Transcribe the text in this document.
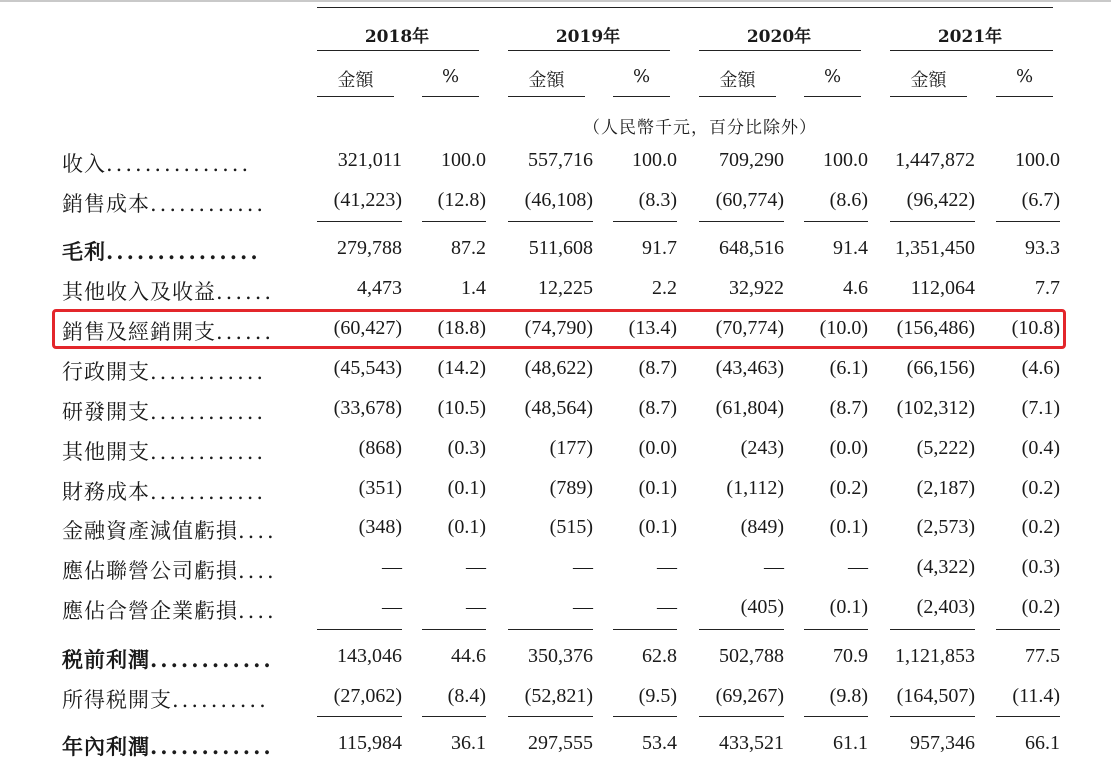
2018年	2019年	2020年	2021年
金額	%	金額	%	金額	%	金額	%
（人民幣千元，百分比除外）
收入...............	321,011	100.0	557,716	100.0	709,290	100.0	1,447,872	100.0
銷售成本............	(41,223)	(12.8)	(46,108)	(8.3)	(60,774)	(8.6)	(96,422)	(6.7)
毛利...............	279,788	87.2	511,608	91.7	648,516	91.4	1,351,450	93.3
其他收入及收益......	4,473	1.4	12,225	2.2	32,922	4.6	112,064	7.7
銷售及經銷開支......	(60,427)	(18.8)	(74,790)	(13.4)	(70,774)	(10.0)	(156,486)	(10.8)
行政開支............	(45,543)	(14.2)	(48,622)	(8.7)	(43,463)	(6.1)	(66,156)	(4.6)
研發開支............	(33,678)	(10.5)	(48,564)	(8.7)	(61,804)	(8.7)	(102,312)	(7.1)
其他開支............	(868)	(0.3)	(177)	(0.0)	(243)	(0.0)	(5,222)	(0.4)
財務成本............	(351)	(0.1)	(789)	(0.1)	(1,112)	(0.2)	(2,187)	(0.2)
金融資產減值虧損....	(348)	(0.1)	(515)	(0.1)	(849)	(0.1)	(2,573)	(0.2)
應佔聯營公司虧損....	—	—	—	—	—	—	(4,322)	(0.3)
應佔合營企業虧損....	—	—	—	—	(405)	(0.1)	(2,403)	(0.2)
税前利潤............	143,046	44.6	350,376	62.8	502,788	70.9	1,121,853	77.5
所得税開支..........	(27,062)	(8.4)	(52,821)	(9.5)	(69,267)	(9.8)	(164,507)	(11.4)
年內利潤............	115,984	36.1	297,555	53.4	433,521	61.1	957,346	66.1
